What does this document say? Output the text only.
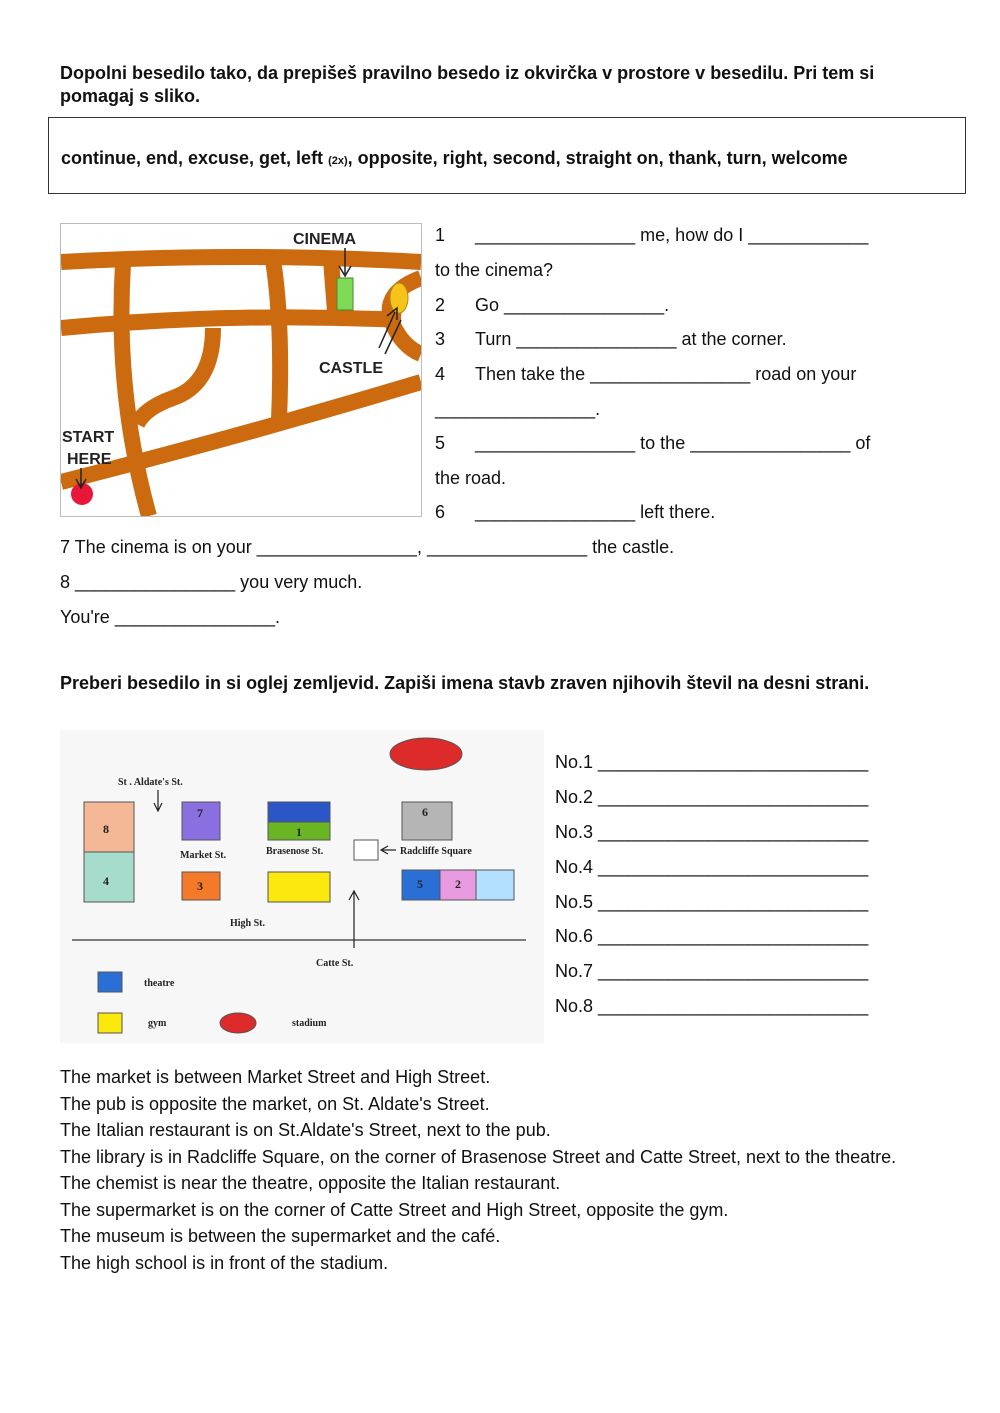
Dopolni besedilo tako, da prepišeš pravilno besedo iz okvirčka v prostore v besedilu. Pri tem si pomagaj s sliko.
continue, end, excuse, get, left (2x), opposite, right, second, straight on, thank, turn, welcome
CINEMA
CASTLE
START
HERE
1 ________________ me, how do I ____________
to the cinema?
2 Go ________________.
3 Turn ________________ at the corner.
4 Then take the ________________ road on your
________________.
5 ________________ to the ________________ of
the road.
6 ________________ left there.
7 The cinema is on your ________________, ________________ the castle.
8 ________________ you very much.
You're ________________.
Preberi besedilo in si oglej zemljevid. Zapiši imena stavb zraven njihovih števil na desni strani.
St . Aldate's St.
Market St.	Brasenose St.	Radcliffe Square
High St.
Catte St.
8
4
7
3
1
6
5	2
theatre
gym	stadium
No.1 ___________________________
No.2 ___________________________
No.3 ___________________________
No.4 ___________________________
No.5 ___________________________
No.6 ___________________________
No.7 ___________________________
No.8 ___________________________
The market is between Market Street and High Street.
The pub is opposite the market, on St. Aldate's Street.
The Italian restaurant is on St.Aldate's Street, next to the pub.
The library is in Radcliffe Square, on the corner of Brasenose Street and Catte Street, next to the theatre.
The chemist is near the theatre, opposite the Italian restaurant.
The supermarket is on the corner of Catte Street and High Street, opposite the gym.
The museum is between the supermarket and the café.
The high school is in front of the stadium.
